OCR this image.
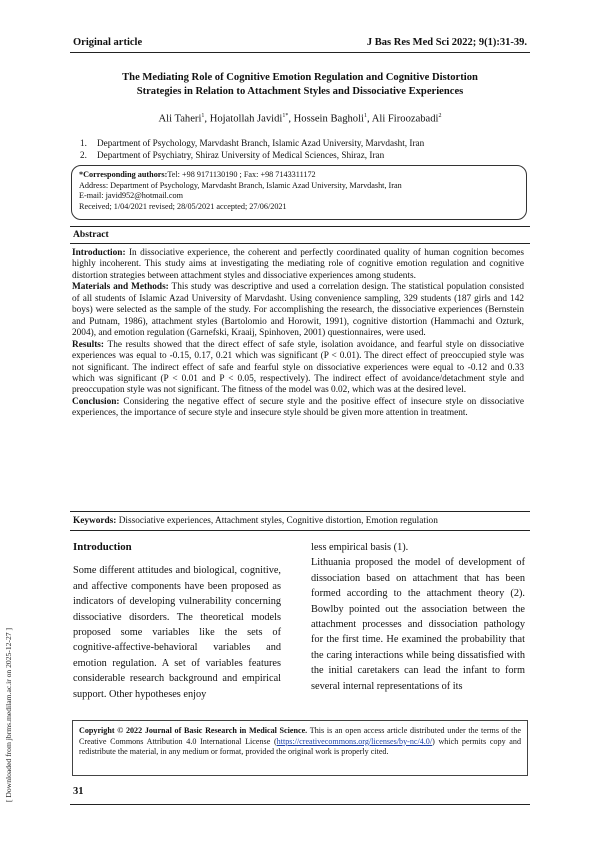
Original article	J Bas Res Med Sci 2022; 9(1):31-39.
The Mediating Role of Cognitive Emotion Regulation and Cognitive Distortion
Strategies in Relation to Attachment Styles and Dissociative Experiences
Ali Taheri$^1$, Hojatollah Javidi$^{1*}$, Hossein Bagholi$^1$, Ali Firoozabadi$^2$
1. Department of Psychology, Marvdasht Branch, Islamic Azad University, Marvdasht, Iran
2. Department of Psychiatry, Shiraz University of Medical Sciences, Shiraz, Iran
*Corresponding authors:Tel: +98 9171130190 ; Fax: +98 7143311172
Address: Department of Psychology, Marvdasht Branch, Islamic Azad University, Marvdasht, Iran
E-mail: javid952@hotmail.com
Received; 1/04/2021 revised; 28/05/2021 accepted; 27/06/2021
Abstract

Introduction: In dissociative experience, the coherent and perfectly coordinated quality of human cognition becomes highly incoherent. This study aims at investigating the mediating role of cognitive emotion regulation and cognitive distortion strategies between attachment styles and dissociative experiences among students.

Materials and Methods: This study was descriptive and used a correlation design. The statistical population consisted of all students of Islamic Azad University of Marvdasht. Using convenience sampling, 329 students (187 girls and 142 boys) were selected as the sample of the study. For accomplishing the research, the dissociative experiences (Bernstein and Putnam, 1986), attachment styles (Bartolomio and Horowit, 1991), cognitive distortion (Hammachi and Ozturk, 2004), and emotion regulation (Garnefski, Kraaij, Spinhoven, 2001) questionnaires, were used.

Results: The results showed that the direct effect of safe style, isolation avoidance, and fearful style on dissociative experiences was equal to -0.15, 0.17, 0.21 which was significant (P < 0.01). The direct effect of preoccupied style was not significant. The indirect effect of safe and fearful style on dissociative experiences were equal to -0.12 and 0.33 which was significant (P < 0.01 and P < 0.05, respectively). The indirect effect of avoidance/detachment style and preoccupation style was not significant. The fitness of the model was 0.02, which was at the desired level.

Conclusion: Considering the negative effect of secure style and the positive effect of insecure style on dissociative experiences, the importance of secure style and insecure style should be given more attention in treatment.

Keywords: Dissociative experiences, Attachment styles, Cognitive distortion, Emotion regulation
Introduction

Some different attitudes and biological, cognitive, and affective components have been proposed as indicators of developing vulnerability concerning dissociative disorders. The theoretical models proposed some variables like the sets of cognitive-affective-behavioral variables and emotion regulation. A set of variables features considerable research background and empirical support. Other hypotheses enjoy

less empirical basis (1).

Lithuania proposed the model of development of dissociation based on attachment that has been formed according to the attachment theory (2). Bowlby pointed out the association between the attachment processes and dissociation pathology for the first time. He examined the probability that the caring interactions while being dissatisfied with the initial caretakers can lead the infant to form several internal representations of its

Copyright © 2022 Journal of Basic Research in Medical Science. This is an open access article distributed under the terms of the Creative Commons Attribution 4.0 International License (https://creativecommons.org/licenses/by-nc/4.0/) which permits copy and redistribute the material, in any medium or format, provided the original work is properly cited.
31
[ Downloaded from jbrms.medilam.ac.ir on 2025-12-27 ]
